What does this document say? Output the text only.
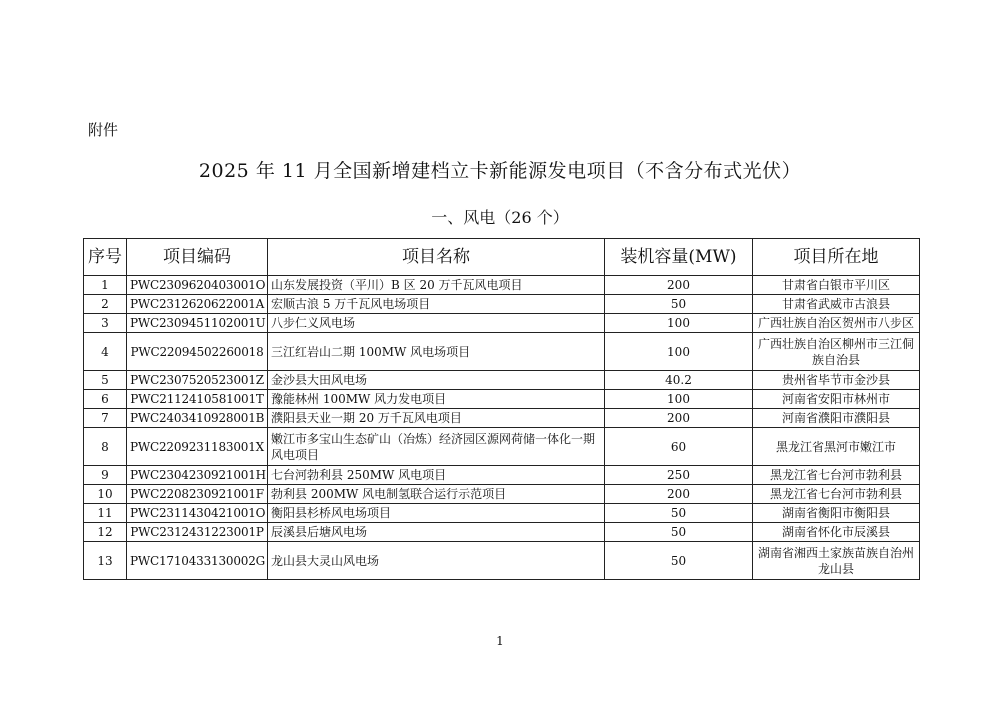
附件
2025 年 11 月全国新增建档立卡新能源发电项目（不含分布式光伏）
一、风电（26 个）
序号	项目编码	项目名称	装机容量(MW)	项目所在地
1	PWC2309620403001O	山东发展投资（平川）B 区 20 万千瓦风电项目	200	甘肃省白银市平川区
2	PWC2312620622001A	宏顺古浪 5 万千瓦风电场项目	50	甘肃省武威市古浪县
3	PWC2309451102001U	八步仁义风电场	100	广西壮族自治区贺州市八步区
4	PWC2209450226001​8	三江红岩山二期 100MW 风电场项目	100	广西壮族自治区柳州市三江侗族自治县
5	PWC2307520523001Z	金沙县大田风电场	40.2	贵州省毕节市金沙县
6	PWC2112410581001T	豫能林州 100MW 风力发电项目	100	河南省安阳市林州市
7	PWC2403410928001B	濮阳县天业一期 20 万千瓦风电项目	200	河南省濮阳市濮阳县
8	PWC2209231183001X	嫩江市多宝山生态矿山（冶炼）经济园区源网荷储一体化一期风电项目	60	黑龙江省黑河市嫩江市
9	PWC2304230921001H	七台河勃利县 250MW 风电项目	250	黑龙江省七台河市勃利县
10	PWC2208230921001F	勃利县 200MW 风电制氢联合运行示范项目	200	黑龙江省七台河市勃利县
11	PWC2311430421001O	衡阳县杉桥风电场项目	50	湖南省衡阳市衡阳县
12	PWC2312431223001P	辰溪县后塘风电场	50	湖南省怀化市辰溪县
13	PWC1710433130002G	龙山县大灵山风电场	50	湖南省湘西土家族苗族自治州龙山县
1
